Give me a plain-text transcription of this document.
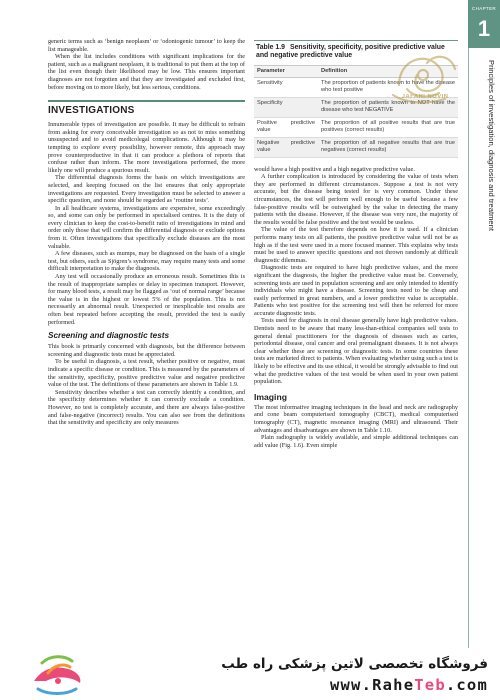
generic terms such as ‘benign neoplasm’ or ‘odontogenic tumour’ to keep the list manageable.

When the list includes conditions with significant implications for the patient, such as a malignant neoplasm, it is traditional to put them at the top of the list even though their likelihood may be low. This ensures important diagnoses are not forgotten and that they are investigated and excluded first, before moving on to more likely, but less serious, conditions.

INVESTIGATIONS

Innumerable types of investigation are possible. It may be difficult to refrain from asking for every conceivable investigation so as not to miss something unsuspected and to avoid medicolegal complications. Although it may be tempting to explore every possibility, however remote, this approach may prove counterproductive in that it can produce a plethora of reports that confuse rather than inform. The more investigations performed, the more likely one will produce a spurious result.

The differential diagnosis forms the basis on which investigations are selected, and keeping focused on the list ensures that only appropriate investigations are requested. Every investigation must be selected to answer a specific question, and none should be regarded as ‘routine tests’.

In all healthcare systems, investigations are expensive, some exceedingly so, and some can only be performed in specialised centres. It is the duty of every clinician to keep the cost-to-benefit ratio of investigations in mind and order only those that will confirm the differential diagnosis or exclude options from it. Often investigations that specifically exclude diseases are the most valuable.

A few diseases, such as mumps, may be diagnosed on the basis of a single test, but others, such as Sjögren’s syndrome, may require many tests and some difficult interpretation to make the diagnosis.

Any test will occasionally produce an erroneous result. Sometimes this is the result of inappropriate samples or delay in specimen transport. However, for many blood tests, a result may be flagged as ‘out of normal range’ because the value is in the highest or lowest 5% of the population. This is not necessarily an abnormal result. Unexpected or inexplicable test results are often best repeated before accepting the result, provided the test is easily performed.

Screening and diagnostic tests

This book is primarily concerned with diagnosis, but the difference between screening and diagnostic tests must be appreciated.

To be useful in diagnosis, a test result, whether positive or negative, must indicate a specific disease or condition. This is measured by the parameters of the sensitivity, specificity, positive predictive value and negative predictive value of the test. The definitions of these parameters are shown in Table 1.9.

Sensitivity describes whether a test can correctly identify a condition, and the specificity determines whether it can correctly exclude a condition. However, no test is completely accurate, and there are always false-positive and false-negative (incorrect) results. You can also see from the definitions that the sensitivity and specificity are only measures

Table 1.9 Sensitivity, specificity, positive predictive value and negative predictive value
Parameter	Definition
Sensitivity	The proportion of patients known to have the disease who test positive
Specificity	The proportion of patients known to NOT have the disease who test NEGATIVE
Positive predictive value	The proportion of all positive results that are true positives (correct results)
Negative predictive value	The proportion of all negative results that are true negatives (correct results)

would have a high positive and a high negative predictive value.

A further complication is introduced by considering the value of tests when they are performed in different circumstances. Suppose a test is not very accurate, but the disease being tested for is very common. Under these circumstances, the test will perform well enough to be useful because a few false-positive results will be outweighed by the value in detecting the many patients with the disease. However, if the disease was very rare, the majority of the results would be false positive and the test would be useless.

The value of the test therefore depends on how it is used. If a clinician performs many tests on all patients, the positive predictive value will not be as high as if the test were used in a more focused manner. This explains why tests must be used to answer specific questions and not thrown randomly at difficult diagnostic dilemmas.

Diagnostic tests are required to have high predictive values, and the more significant the diagnosis, the higher the predictive value must be. Conversely, screening tests are used in population screening and are only intended to identify individuals who might have a disease. Screening tests need to be cheap and easily performed in great numbers, and a lower predictive value is acceptable. Patients who test positive for the screening test will then be referred for more accurate diagnostic tests.

Tests used for diagnosis in oral disease generally have high predictive values. Dentists need to be aware that many less-than-ethical companies sell tests to general dental practitioners for the diagnosis of diseases such as caries, periodontal disease, oral cancer and oral premalignant diseases. It is not always clear whether these are screening or diagnostic tests. In some countries these tests are marketed direct to patients. When evaluating whether using such a test is likely to be effective and its use ethical, it would be strongly advisable to find out what the predictive values of the test would be when used in your own patient population.

Imaging

The most informative imaging techniques in the head and neck are radiography and cone beam computerised tomography (CBCT), medical computerised tomography (CT), magnetic resonance imaging (MRI) and ultrasound. Their advantages and disadvantages are shown in Table 1.10.

Plain radiography is widely available, and simple additional techniques can add value (Fig. 1.6). Even simple

CHAPTER
1
Principles of investigation, diagnosis and treatment
JAFARI NOVIN
فروشگاه تخصصی لاتین پزشکی راه طب
www.RaheTeb.com
